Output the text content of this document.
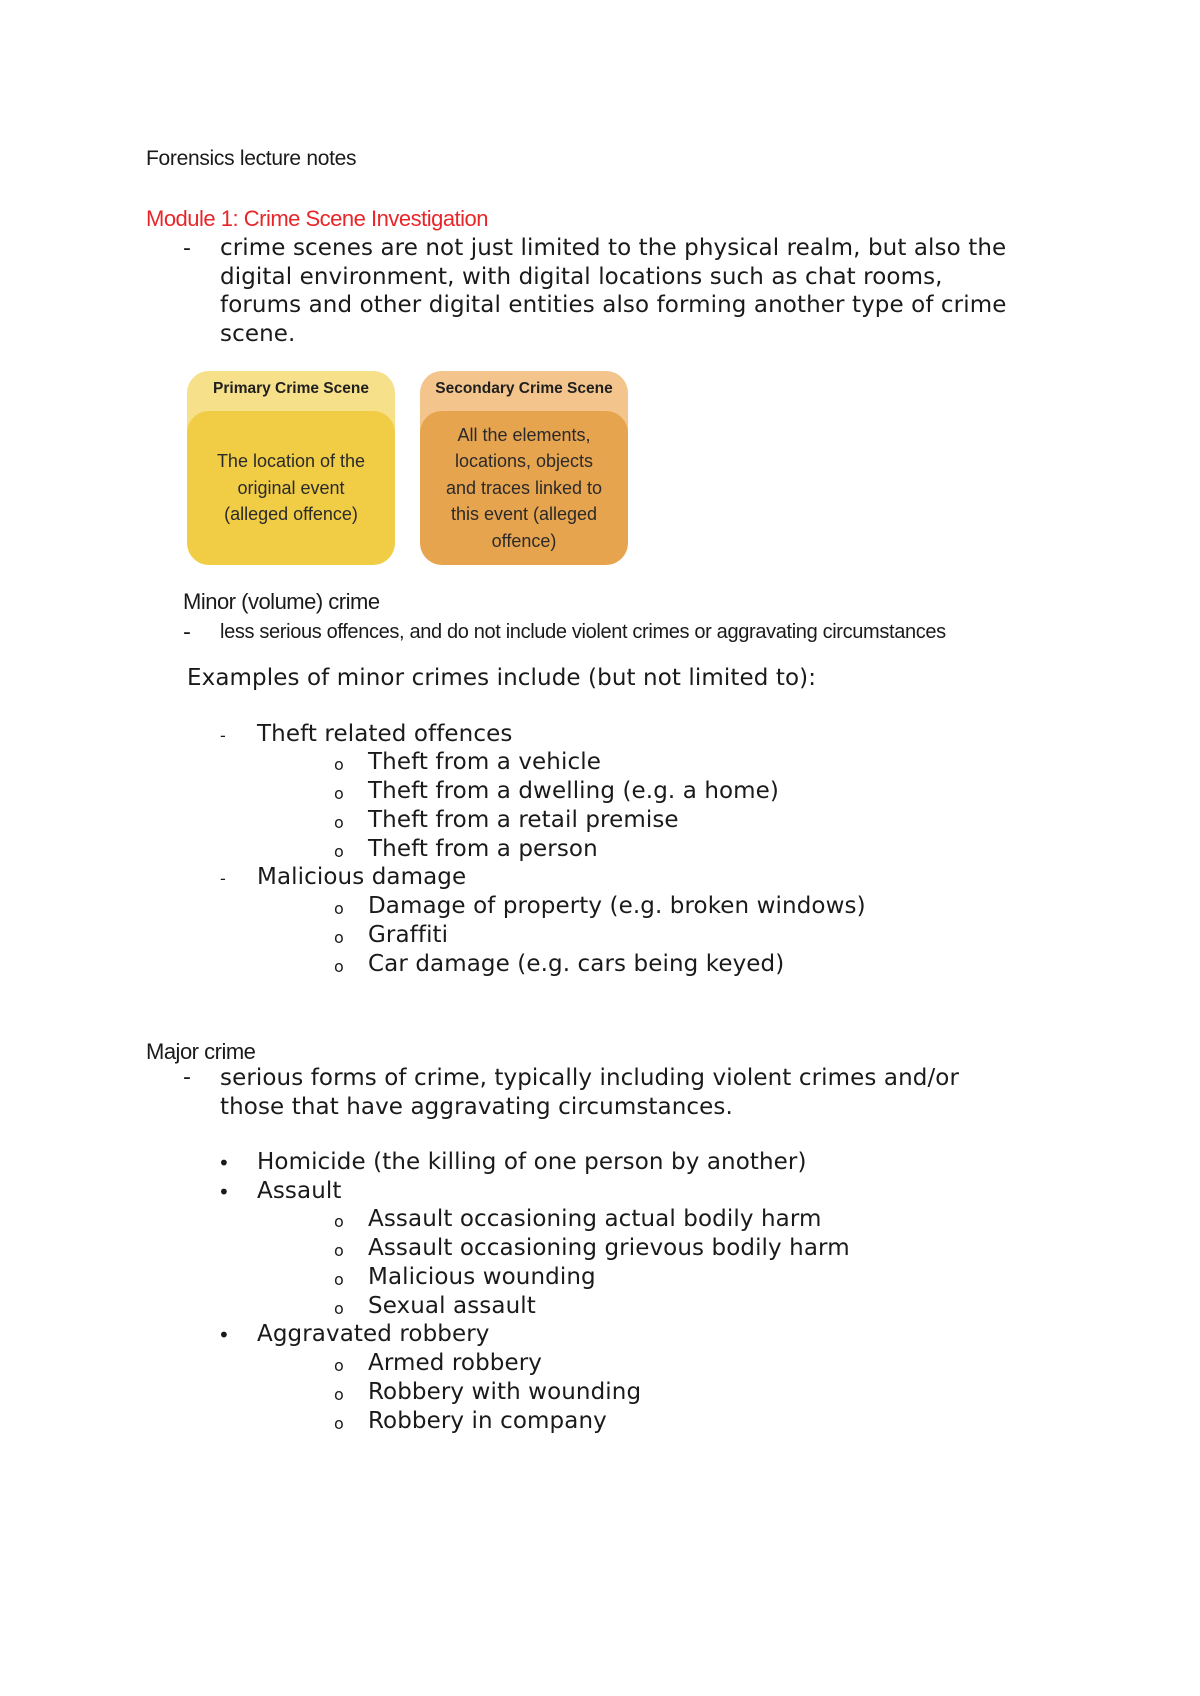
Forensics lecture notes
Module 1: Crime Scene Investigation
- crime scenes are not just limited to the physical realm, but also the
digital environment, with digital locations such as chat rooms,
forums and other digital entities also forming another type of crime
scene.
Primary Crime Scene
The location of the original event (alleged offence)
Secondary Crime Scene
All the elements, locations, objects and traces linked to this event (alleged offence)
Minor (volume) crime
- less serious offences, and do not include violent crimes or aggravating circumstances
Examples of minor crimes include (but not limited to):
- Theft related offences
o Theft from a vehicle
o Theft from a dwelling (e.g. a home)
o Theft from a retail premise
o Theft from a person
- Malicious damage
o Damage of property (e.g. broken windows)
o Graffiti
o Car damage (e.g. cars being keyed)
Major crime
- serious forms of crime, typically including violent crimes and/or
those that have aggravating circumstances.
• Homicide (the killing of one person by another)
• Assault
o Assault occasioning actual bodily harm
o Assault occasioning grievous bodily harm
o Malicious wounding
o Sexual assault
• Aggravated robbery
o Armed robbery
o Robbery with wounding
o Robbery in company
